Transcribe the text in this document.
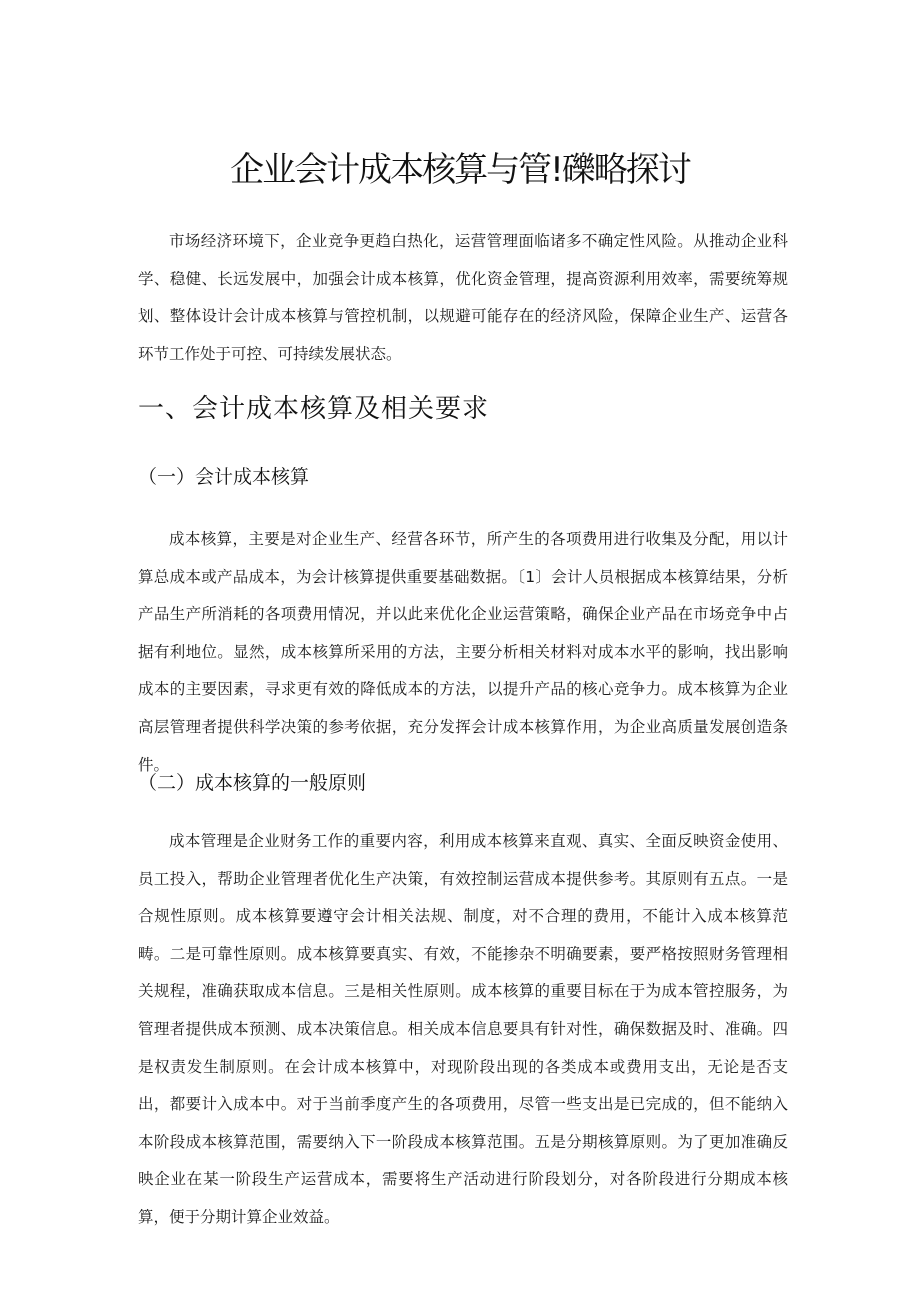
企业会计成本核算与管!礫略探讨

市场经济环境下，企业竞争更趋白热化，运营管理面临诸多不确定性风险。从推动企业科学、稳健、长远发展中，加强会计成本核算，优化资金管理，提高资源利用效率，需要统筹规划、整体设计会计成本核算与管控机制，以规避可能存在的经济风险，保障企业生产、运营各环节工作处于可控、可持续发展状态。

一、会计成本核算及相关要求
（一）会计成本核算

成本核算，主要是对企业生产、经营各环节，所产生的各项费用进行收集及分配，用以计算总成本或产品成本，为会计核算提供重要基础数据。〔1〕会计人员根据成本核算结果，分析产品生产所消耗的各项费用情况，并以此来优化企业运营策略，确保企业产品在市场竞争中占据有利地位。显然，成本核算所采用的方法，主要分析相关材料对成本水平的影响，找出影响成本的主要因素，寻求更有效的降低成本的方法，以提升产品的核心竞争力。成本核算为企业高层管理者提供科学决策的参考依据，充分发挥会计成本核算作用，为企业高质量发展创造条件。

（二）成本核算的一般原则

成本管理是企业财务工作的重要内容，利用成本核算来直观、真实、全面反映资金使用、员工投入，帮助企业管理者优化生产决策，有效控制运营成本提供参考。其原则有五点。一是合规性原则。成本核算要遵守会计相关法规、制度，对不合理的费用，不能计入成本核算范畴。二是可靠性原则。成本核算要真实、有效，不能掺杂不明确要素，要严格按照财务管理相关规程，准确获取成本信息。三是相关性原则。成本核算的重要目标在于为成本管控服务，为管理者提供成本预测、成本决策信息。相关成本信息要具有针对性，确保数据及时、准确。四是权责发生制原则。在会计成本核算中，对现阶段出现的各类成本或费用支出，无论是否支出，都要计入成本中。对于当前季度产生的各项费用，尽管一些支出是已完成的，但不能纳入本阶段成本核算范围，需要纳入下一阶段成本核算范围。五是分期核算原则。为了更加准确反映企业在某一阶段生产运营成本，需要将生产活动进行阶段划分，对各阶段进行分期成本核算，便于分期计算企业效益。
